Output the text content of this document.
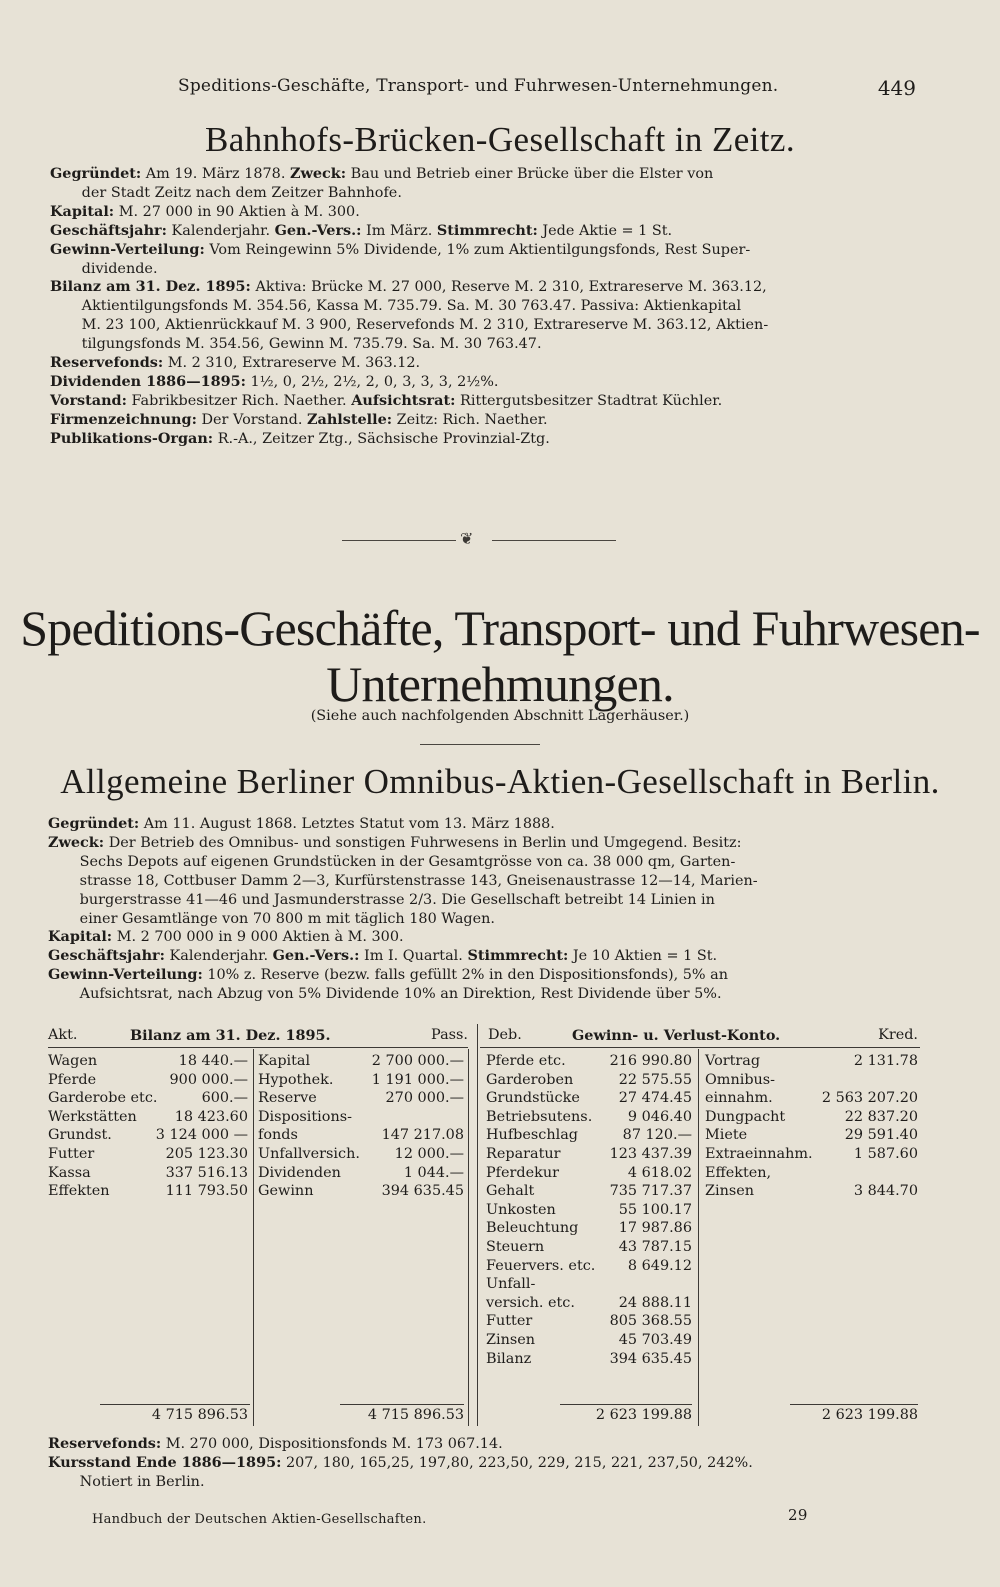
Speditions-Geschäfte, Transport- und Fuhrwesen-Unternehmungen.	449
Bahnhofs-Brücken-Gesellschaft in Zeitz.
Gegründet: Am 19. März 1878. Zweck: Bau und Betrieb einer Brücke über die Elster von
der Stadt Zeitz nach dem Zeitzer Bahnhofe.
Kapital: M. 27 000 in 90 Aktien à M. 300.
Geschäftsjahr: Kalenderjahr. Gen.-Vers.: Im März. Stimmrecht: Jede Aktie = 1 St.
Gewinn-Verteilung: Vom Reingewinn 5% Dividende, 1% zum Aktientilgungsfonds, Rest Super-
dividende.
Bilanz am 31. Dez. 1895: Aktiva: Brücke M. 27 000, Reserve M. 2 310, Extrareserve M. 363.12,
Aktientilgungsfonds M. 354.56, Kassa M. 735.79. Sa. M. 30 763.47. Passiva: Aktienkapital
M. 23 100, Aktienrückkauf M. 3 900, Reservefonds M. 2 310, Extrareserve M. 363.12, Aktien-
tilgungsfonds M. 354.56, Gewinn M. 735.79. Sa. M. 30 763.47.
Reservefonds: M. 2 310, Extrareserve M. 363.12.
Dividenden 1886—1895: 1½, 0, 2½, 2½, 2, 0, 3, 3, 3, 2½%.
Vorstand: Fabrikbesitzer Rich. Naether. Aufsichtsrat: Rittergutsbesitzer Stadtrat Küchler.
Firmenzeichnung: Der Vorstand. Zahlstelle: Zeitz: Rich. Naether.
Publikations-Organ: R.-A., Zeitzer Ztg., Sächsische Provinzial-Ztg.
❦
Speditions-Geschäfte, Transport- und Fuhrwesen-
Unternehmungen.
(Siehe auch nachfolgenden Abschnitt Lagerhäuser.)
Allgemeine Berliner Omnibus-Aktien-Gesellschaft in Berlin.
Gegründet: Am 11. August 1868. Letztes Statut vom 13. März 1888.
Zweck: Der Betrieb des Omnibus- und sonstigen Fuhrwesens in Berlin und Umgegend. Besitz:
Sechs Depots auf eigenen Grundstücken in der Gesamtgrösse von ca. 38 000 qm, Garten-
strasse 18, Cottbuser Damm 2—3, Kurfürstenstrasse 143, Gneisenaustrasse 12—14, Marien-
burgerstrasse 41—46 und Jasmunderstrasse 2/3. Die Gesellschaft betreibt 14 Linien in
einer Gesamtlänge von 70 800 m mit täglich 180 Wagen.
Kapital: M. 2 700 000 in 9 000 Aktien à M. 300.
Geschäftsjahr: Kalenderjahr. Gen.-Vers.: Im I. Quartal. Stimmrecht: Je 10 Aktien = 1 St.
Gewinn-Verteilung: 10% z. Reserve (bezw. falls gefüllt 2% in den Dispositionsfonds), 5% an
Aufsichtsrat, nach Abzug von 5% Dividende 10% an Direktion, Rest Dividende über 5%.
Akt.	Bilanz am 31. Dez. 1895.	Pass.
Wagen	18 440.—
Pferde	900 000.—
Garderobe etc.	600.—
Werkstätten	18 423.60
Grundst.	3 124 000 —
Futter	205 123.30
Kassa	337 516.13
Effekten	111 793.50
Kapital	2 700 000.—
Hypothek.	1 191 000.—
Reserve	270 000.—
Dispositions-
fonds	147 217.08
Unfallversich. 12 000.—
Dividenden	1 044.—
Gewinn	394 635.45
4 715 896.53	4 715 896.53
Deb.	Gewinn- u. Verlust-Konto.	Kred.
Pferde etc.	216 990.80
Garderoben	22 575.55
Grundstücke	27 474.45
Betriebsutens. 9 046.40
Hufbeschlag	87 120.—
Reparatur	123 437.39
Pferdekur	4 618.02
Gehalt	735 717.37
Unkosten	55 100.17
Beleuchtung	17 987.86
Steuern	43 787.15
Feuervers. etc. 8 649.12
Unfall-
versich. etc.	24 888.11
Futter	805 368.55
Zinsen	45 703.49
Bilanz	394 635.45
Vortrag	2 131.78
Omnibus-
einnahm.	2 563 207.20
Dungpacht	22 837.20
Miete	29 591.40
Extraeinnahm.	1 587.60
Effekten,
Zinsen	3 844.70
2 623 199.88	2 623 199.88
Reservefonds: M. 270 000, Dispositionsfonds M. 173 067.14.
Kursstand Ende 1886—1895: 207, 180, 165,25, 197,80, 223,50, 229, 215, 221, 237,50, 242%.
Notiert in Berlin.
Handbuch der Deutschen Aktien-Gesellschaften.	29
